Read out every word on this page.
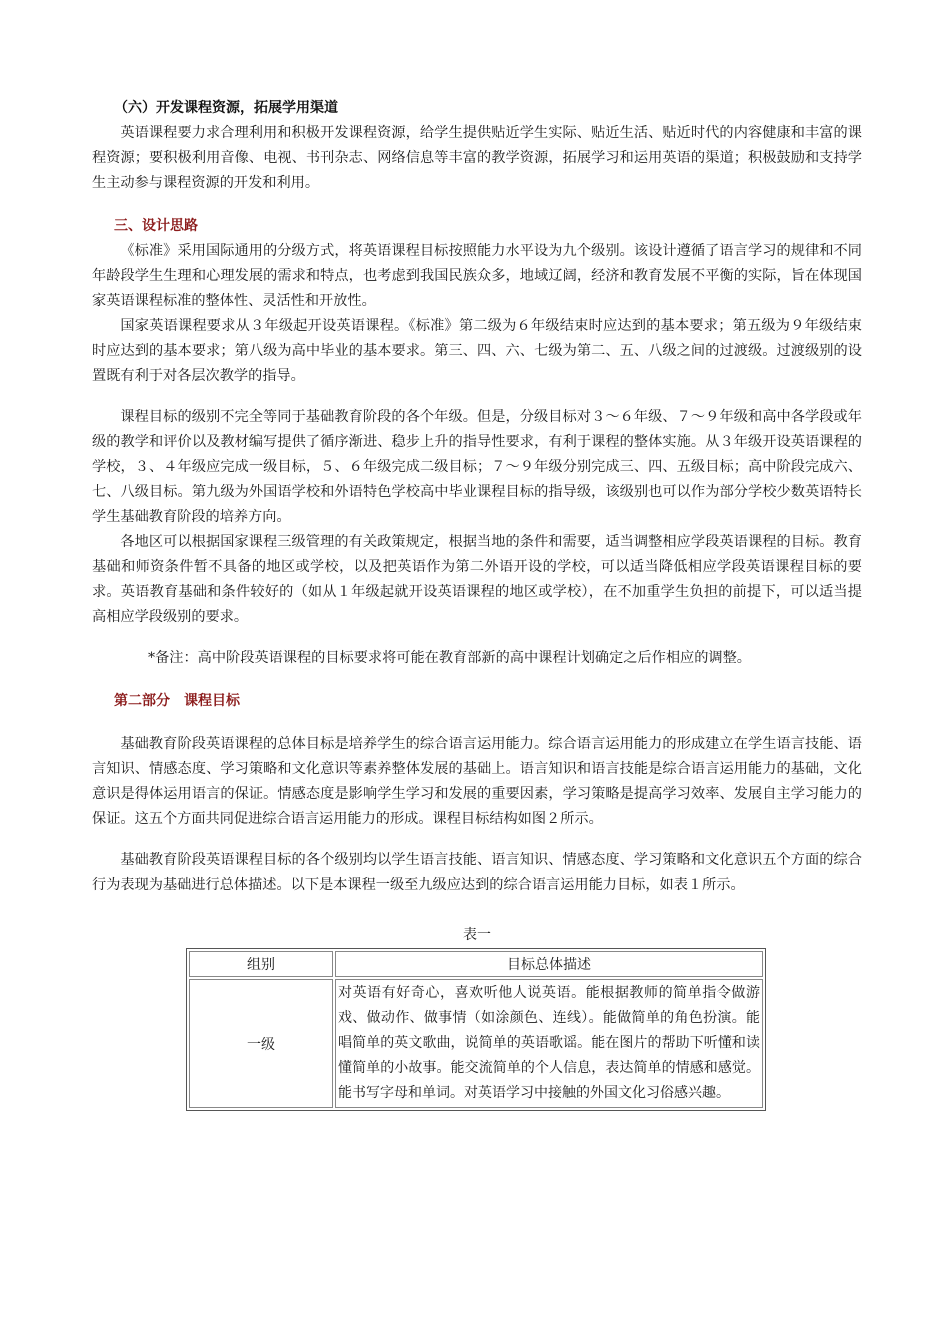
（六）开发课程资源，拓展学用渠道

英语课程要力求合理利用和积极开发课程资源，给学生提供贴近学生实际、贴近生活、贴近时代的内容健康和丰富的课程资源；要积极利用音像、电视、书刊杂志、网络信息等丰富的教学资源，拓展学习和运用英语的渠道；积极鼓励和支持学生主动参与课程资源的开发和利用。

三、设计思路

《标准》采用国际通用的分级方式，将英语课程目标按照能力水平设为九个级别。该设计遵循了语言学习的规律和不同年龄段学生生理和心理发展的需求和特点，也考虑到我国民族众多，地域辽阔，经济和教育发展不平衡的实际，旨在体现国家英语课程标准的整体性、灵活性和开放性。

国家英语课程要求从３年级起开设英语课程。《标准》第二级为６年级结束时应达到的基本要求；第五级为９年级结束时应达到的基本要求；第八级为高中毕业的基本要求。第三、四、六、七级为第二、五、八级之间的过渡级。过渡级别的设置既有利于对各层次教学的指导。

课程目标的级别不完全等同于基础教育阶段的各个年级。但是，分级目标对３～６年级、７～９年级和高中各学段或年级的教学和评价以及教材编写提供了循序渐进、稳步上升的指导性要求，有利于课程的整体实施。从３年级开设英语课程的学校，３、４年级应完成一级目标，５、６年级完成二级目标；７～９年级分别完成三、四、五级目标；高中阶段完成六、七、八级目标。第九级为外国语学校和外语特色学校高中毕业课程目标的指导级，该级别也可以作为部分学校少数英语特长学生基础教育阶段的培养方向。

各地区可以根据国家课程三级管理的有关政策规定，根据当地的条件和需要，适当调整相应学段英语课程的目标。教育基础和师资条件暂不具备的地区或学校，以及把英语作为第二外语开设的学校，可以适当降低相应学段英语课程目标的要求。英语教育基础和条件较好的（如从１年级起就开设英语课程的地区或学校），在不加重学生负担的前提下，可以适当提高相应学段级别的要求。

*备注：高中阶段英语课程的目标要求将可能在教育部新的高中课程计划确定之后作相应的调整。

第二部分　课程目标

基础教育阶段英语课程的总体目标是培养学生的综合语言运用能力。综合语言运用能力的形成建立在学生语言技能、语言知识、情感态度、学习策略和文化意识等素养整体发展的基础上。语言知识和语言技能是综合语言运用能力的基础，文化意识是得体运用语言的保证。情感态度是影响学生学习和发展的重要因素，学习策略是提高学习效率、发展自主学习能力的保证。这五个方面共同促进综合语言运用能力的形成。课程目标结构如图２所示。

基础教育阶段英语课程目标的各个级别均以学生语言技能、语言知识、情感态度、学习策略和文化意识五个方面的综合行为表现为基础进行总体描述。以下是本课程一级至九级应达到的综合语言运用能力目标，如表１所示。

表一
组别	目标总体描述
一级	对英语有好奇心，喜欢听他人说英语。能根据教师的简单指令做游戏、做动作、做事情（如涂颜色、连线）。能做简单的角色扮演。能唱简单的英文歌曲，说简单的英语歌谣。能在图片的帮助下听懂和读懂简单的小故事。能交流简单的个人信息，表达简单的情感和感觉。能书写字母和单词。对英语学习中接触的外国文化习俗感兴趣。
